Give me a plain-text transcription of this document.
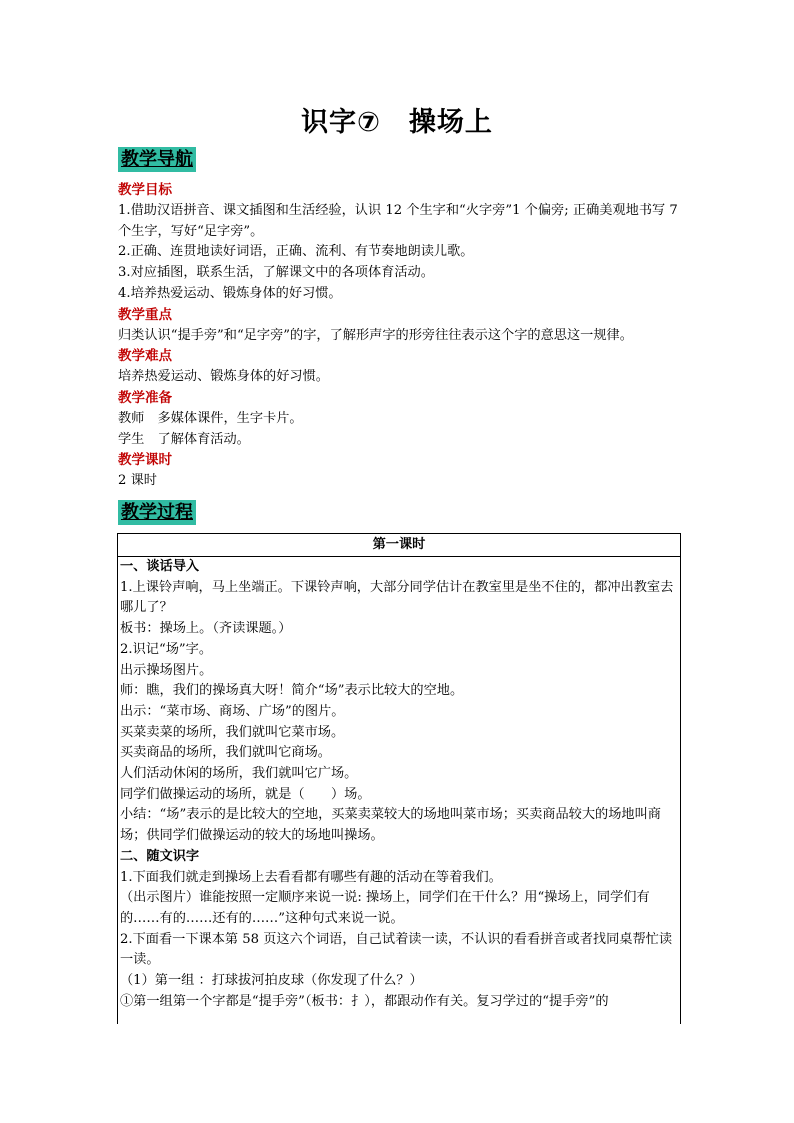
识字⑦　操场上
教学导航
教学目标

1.借助汉语拼音、课文插图和生活经验，认识 12 个生字和“火字旁”1 个偏旁; 正确美观地书写 7 个生字，写好“足字旁”。

2.正确、连贯地读好词语，正确、流利、有节奏地朗读儿歌。

3.对应插图，联系生活，了解课文中的各项体育活动。

4.培养热爱运动、锻炼身体的好习惯。

教学重点

归类认识“提手旁”和“足字旁”的字，了解形声字的形旁往往表示这个字的意思这一规律。

教学难点

培养热爱运动、锻炼身体的好习惯。

教学准备

教师　多媒体课件，生字卡片。

学生　了解体育活动。

教学课时

2 课时

教学过程
第一课时

一、谈话导入

1.上课铃声响，马上坐端正。下课铃声响，大部分同学估计在教室里是坐不住的，都冲出教室去哪儿了？

板书：操场上。（齐读课题。）

2.识记“场”字。

出示操场图片。

师：瞧，我们的操场真大呀！简介“场”表示比较大的空地。

出示：“菜市场、商场、广场”的图片。

买菜卖菜的场所，我们就叫它菜市场。

买卖商品的场所，我们就叫它商场。

人们活动休闲的场所，我们就叫它广场。

同学们做操运动的场所，就是（　　）场。

小结：“场”表示的是比较大的空地，买菜卖菜较大的场地叫菜市场；买卖商品较大的场地叫商场；供同学们做操运动的较大的场地叫操场。

二、随文识字

1.下面我们就走到操场上去看看都有哪些有趣的活动在等着我们。

（出示图片）谁能按照一定顺序来说一说: 操场上，同学们在干什么？用“操场上，同学们有的……有的……还有的……”这种句式来说一说。

2.下面看一下课本第 58 页这六个词语，自己试着读一读，不认识的看看拼音或者找同桌帮忙读一读。

（1）第一组 ：打球拔河拍皮球（你发现了什么？）

①第一组第一个字都是“提手旁”（板书：扌），都跟动作有关。复习学过的“提手旁”的
